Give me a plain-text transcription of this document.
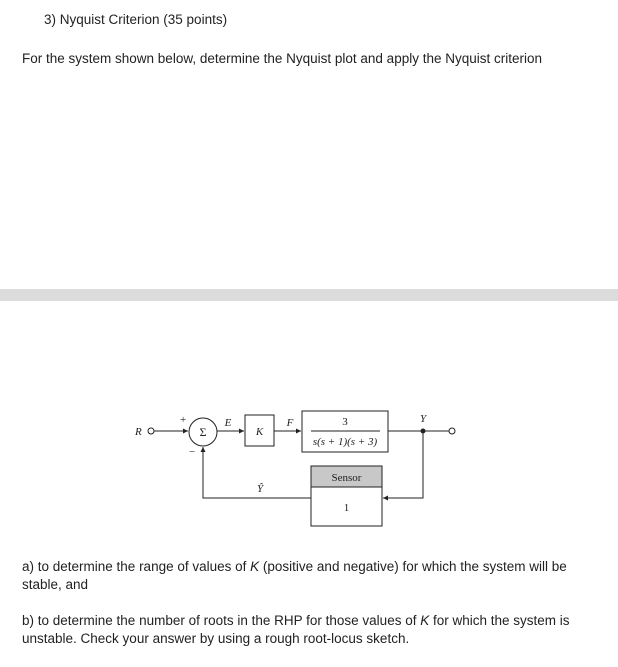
3) Nyquist Criterion (35 points)
For the system shown below, determine the Nyquist plot and apply the Nyquist criterion
R
+
−
Σ
E
K
F	3
s(s + 1)(s + 3)
Y
Sensor
1
Ŷ
a) to determine the range of values of K (positive and negative) for which the system will be
stable, and
b) to determine the number of roots in the RHP for those values of K for which the system is
unstable. Check your answer by using a rough root-locus sketch.
